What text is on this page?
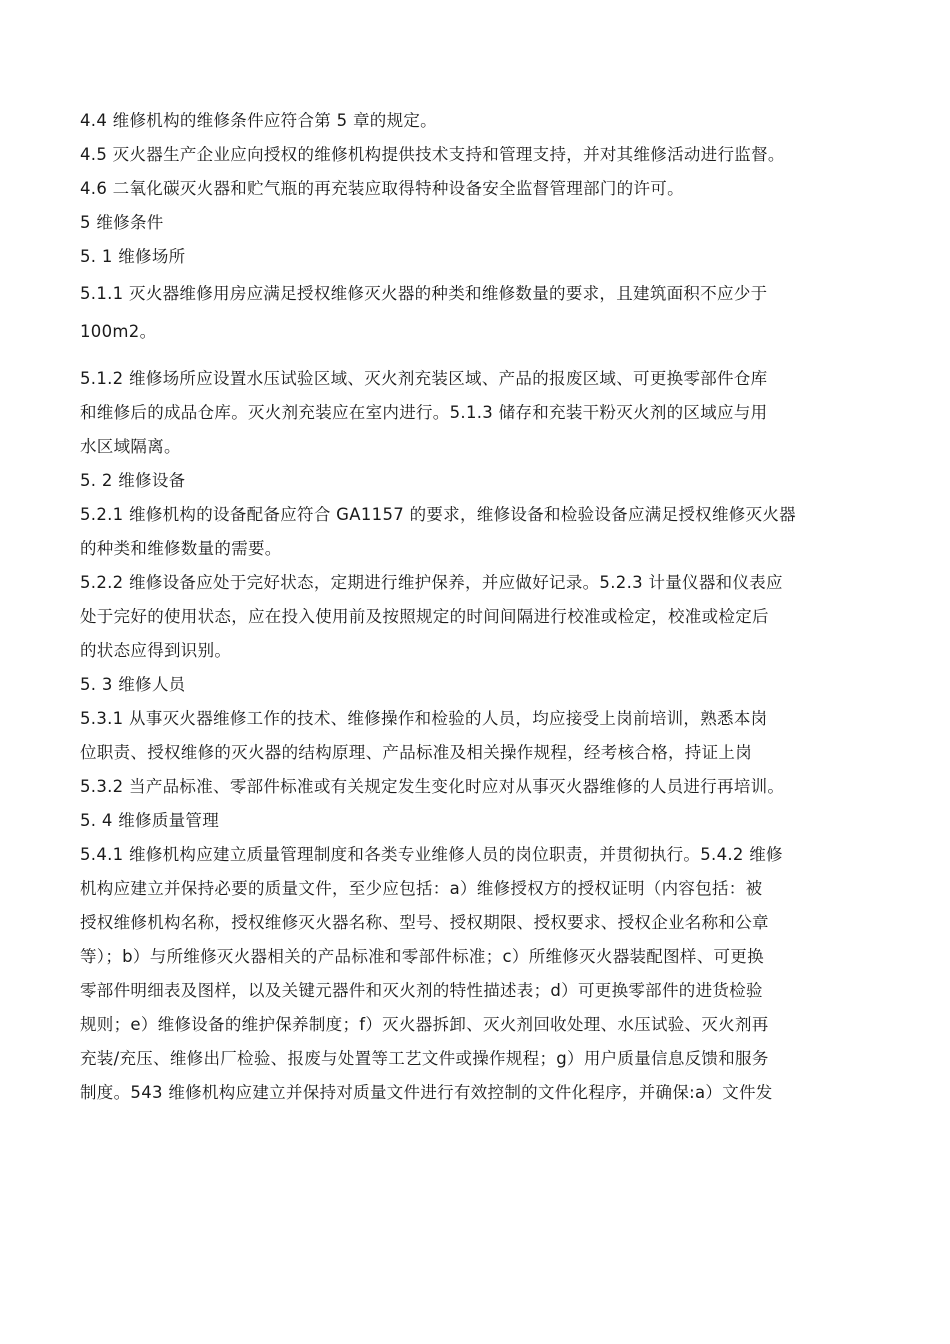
4.4 维修机构的维修条件应符合第 5 章的规定。
4.5 灭火器生产企业应向授权的维修机构提供技术支持和管理支持，并对其维修活动进行监督。
4.6 二氧化碳灭火器和贮气瓶的再充装应取得特种设备安全监督管理部门的许可。
5 维修条件
5. 1 维修场所
5.1.1 灭火器维修用房应满足授权维修灭火器的种类和维修数量的要求，且建筑面积不应少于
100m2。
5.1.2 维修场所应设置水压试验区域、灭火剂充装区域、产品的报废区域、可更换零部件仓库
和维修后的成品仓库。灭火剂充装应在室内进行。5.1.3 储存和充装干粉灭火剂的区域应与用
水区域隔离。
5. 2 维修设备
5.2.1 维修机构的设备配备应符合 GA1157 的要求，维修设备和检验设备应满足授权维修灭火器
的种类和维修数量的需要。
5.2.2 维修设备应处于完好状态，定期进行维护保养，并应做好记录。5.2.3 计量仪器和仪表应
处于完好的使用状态，应在投入使用前及按照规定的时间间隔进行校准或检定，校准或检定后
的状态应得到识别。
5. 3 维修人员
5.3.1 从事灭火器维修工作的技术、维修操作和检验的人员，均应接受上岗前培训，熟悉本岗
位职责、授权维修的灭火器的结构原理、产品标准及相关操作规程，经考核合格，持证上岗
5.3.2 当产品标准、零部件标准或有关规定发生变化时应对从事灭火器维修的人员进行再培训。
5. 4 维修质量管理
5.4.1 维修机构应建立质量管理制度和各类专业维修人员的岗位职责，并贯彻执行。5.4.2 维修
机构应建立并保持必要的质量文件，至少应包括：a）维修授权方的授权证明（内容包括：被
授权维修机构名称，授权维修灭火器名称、型号、授权期限、授权要求、授权企业名称和公章
等）；b）与所维修灭火器相关的产品标准和零部件标准；c）所维修灭火器装配图样、可更换
零部件明细表及图样，以及关键元器件和灭火剂的特性描述表；d）可更换零部件的进货检验
规则；e）维修设备的维护保养制度；f）灭火器拆卸、灭火剂回收处理、水压试验、灭火剂再
充装/充压、维修出厂检验、报废与处置等工艺文件或操作规程；g）用户质量信息反馈和服务
制度。543 维修机构应建立并保持对质量文件进行有效控制的文件化程序，并确保:a）文件发
